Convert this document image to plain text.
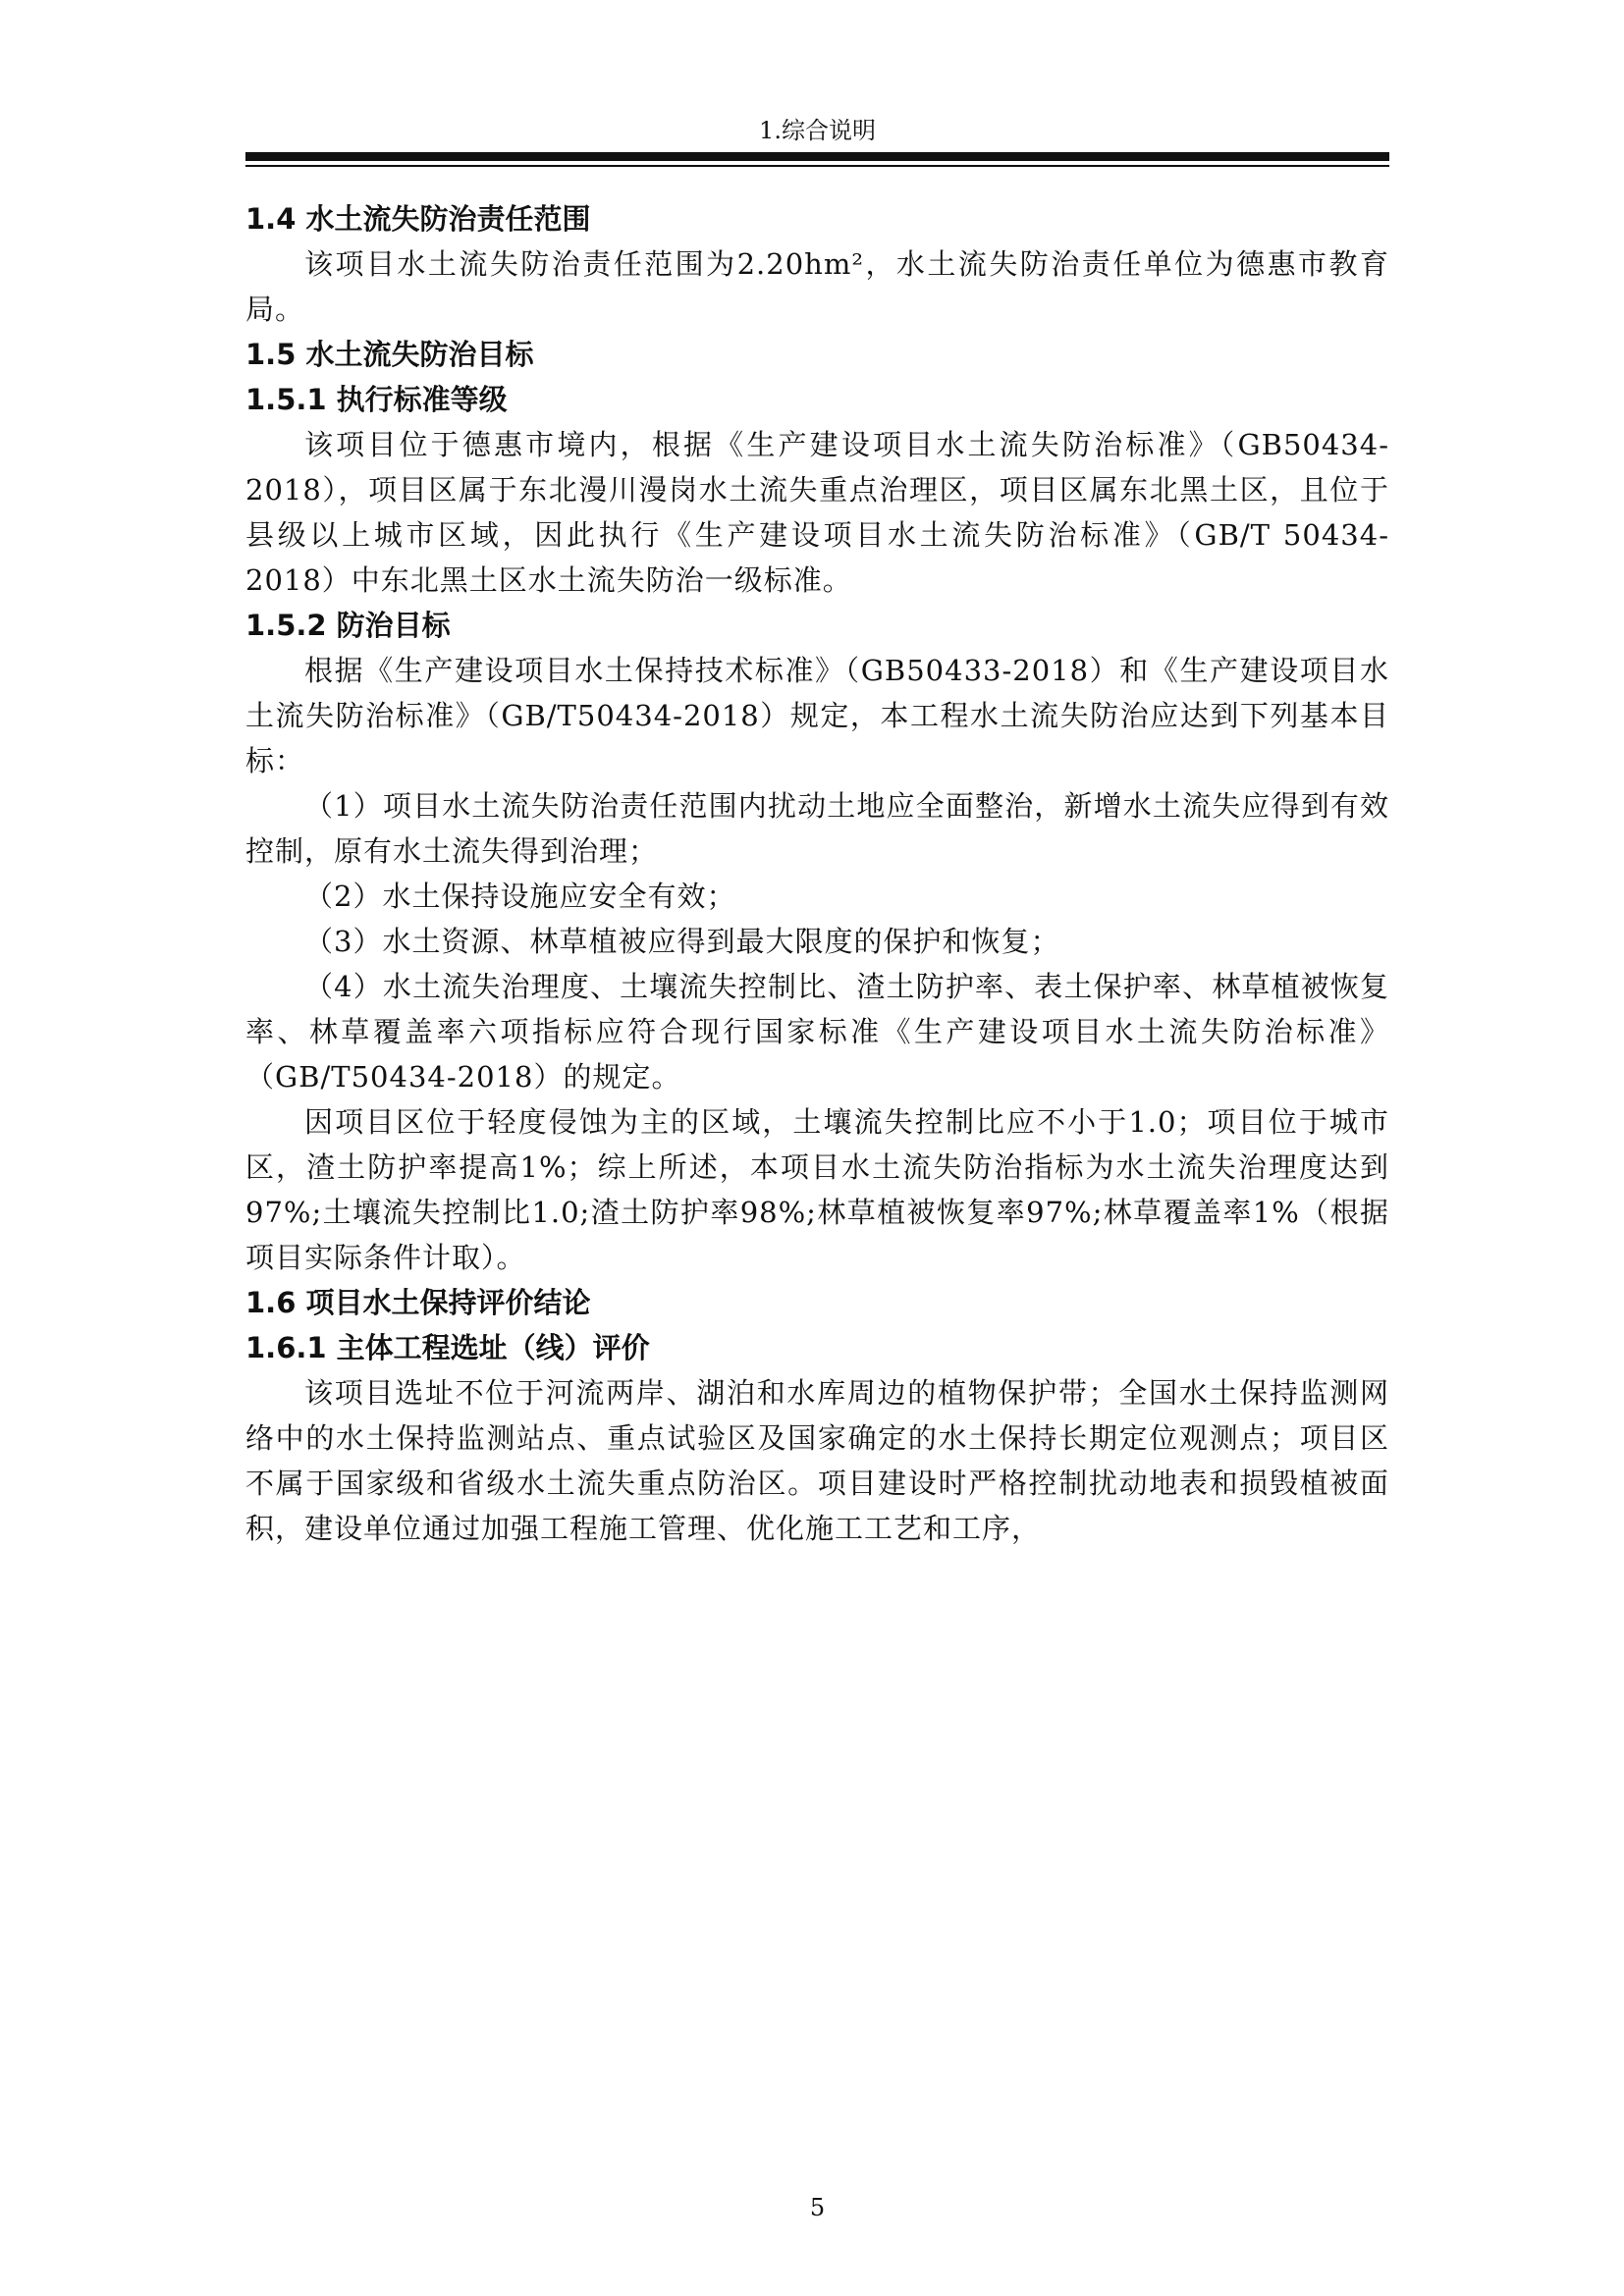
1.综合说明
1.4 水土流失防治责任范围
该项目水土流失防治责任范围为2.20hm²，水土流失防治责任单位为德惠市教育局。
1.5 水土流失防治目标
1.5.1 执行标准等级
该项目位于德惠市境内，根据《生产建设项目水土流失防治标准》（GB50434-2018），项目区属于东北漫川漫岗水土流失重点治理区，项目区属东北黑土区，且位于县级以上城市区域，因此执行《生产建设项目水土流失防治标准》（GB/T 50434-2018）中东北黑土区水土流失防治一级标准。
1.5.2 防治目标
根据《生产建设项目水土保持技术标准》（GB50433-2018）和《生产建设项目水土流失防治标准》（GB/T50434-2018）规定，本工程水土流失防治应达到下列基本目标：
（1）项目水土流失防治责任范围内扰动土地应全面整治，新增水土流失应得到有效控制，原有水土流失得到治理；
（2）水土保持设施应安全有效；
（3）水土资源、林草植被应得到最大限度的保护和恢复；
（4）水土流失治理度、土壤流失控制比、渣土防护率、表土保护率、林草植被恢复率、林草覆盖率六项指标应符合现行国家标准《生产建设项目水土流失防治标准》（GB/T50434-2018）的规定。
因项目区位于轻度侵蚀为主的区域，土壤流失控制比应不小于1.0；项目位于城市区，渣土防护率提高1%；综上所述，本项目水土流失防治指标为水土流失治理度达到97%;土壤流失控制比1.0;渣土防护率98%;林草植被恢复率97%;林草覆盖率1%（根据项目实际条件计取）。
1.6 项目水土保持评价结论
1.6.1 主体工程选址（线）评价
该项目选址不位于河流两岸、湖泊和水库周边的植物保护带；全国水土保持监测网络中的水土保持监测站点、重点试验区及国家确定的水土保持长期定位观测点；项目区不属于国家级和省级水土流失重点防治区。项目建设时严格控制扰动地表和损毁植被面积，建设单位通过加强工程施工管理、优化施工工艺和工序，
5
